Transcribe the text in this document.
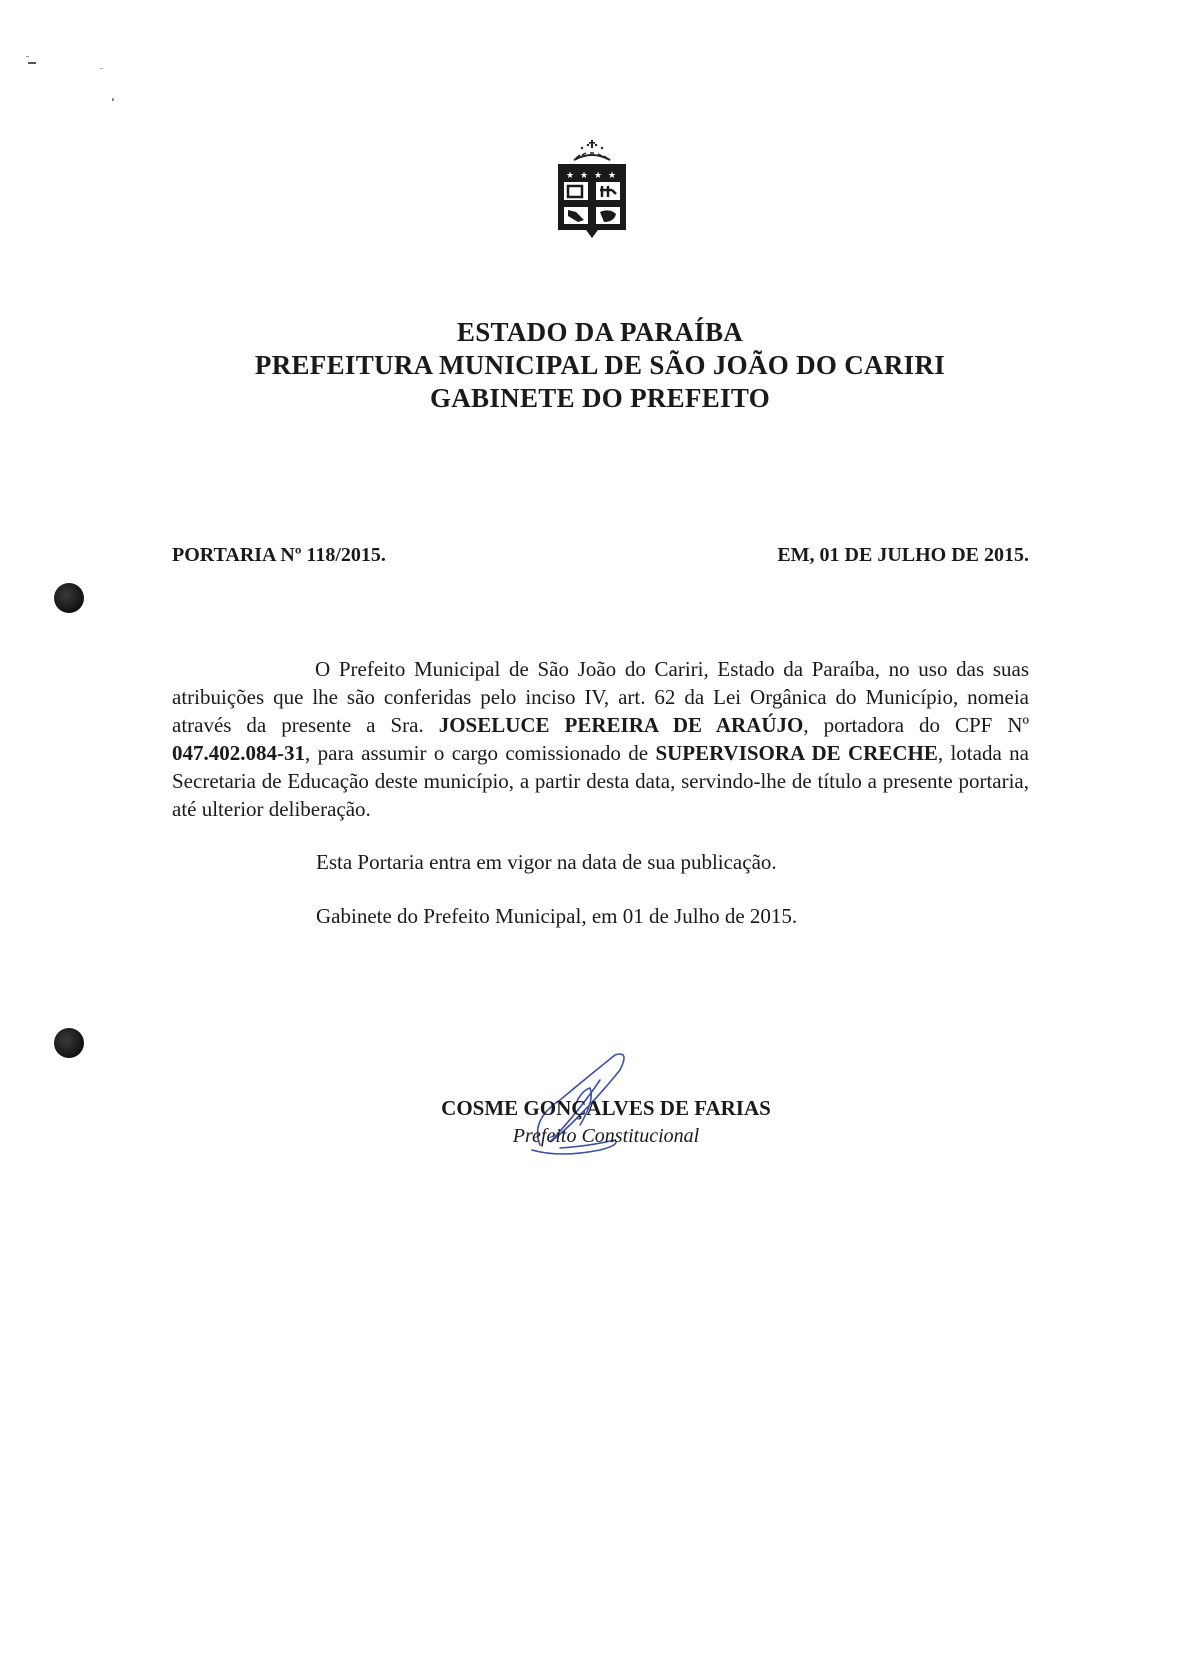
★ ★ ★ ★
ESTADO DA PARAÍBA
PREFEITURA MUNICIPAL DE SÃO JOÃO DO CARIRI
GABINETE DO PREFEITO
PORTARIA Nº 118/2015.	EM, 01 DE JULHO DE 2015.

O Prefeito Municipal de São João do Cariri, Estado da Paraíba, no uso das suas atribuições que lhe são conferidas pelo inciso IV, art. 62 da Lei Orgânica do Município, nomeia através da presente a Sra. JOSELUCE PEREIRA DE ARAÚJO, portadora do CPF Nº 047.402.084-31, para assumir o cargo comissionado de SUPERVISORA DE CRECHE, lotada na Secretaria de Educação deste município, a partir desta data, servindo-lhe de título a presente portaria, até ulterior deliberação.

Esta Portaria entra em vigor na data de sua publicação.
Gabinete do Prefeito Municipal, em 01 de Julho de 2015.
COSME GONÇALVES DE FARIAS
Prefeito Constitucional
